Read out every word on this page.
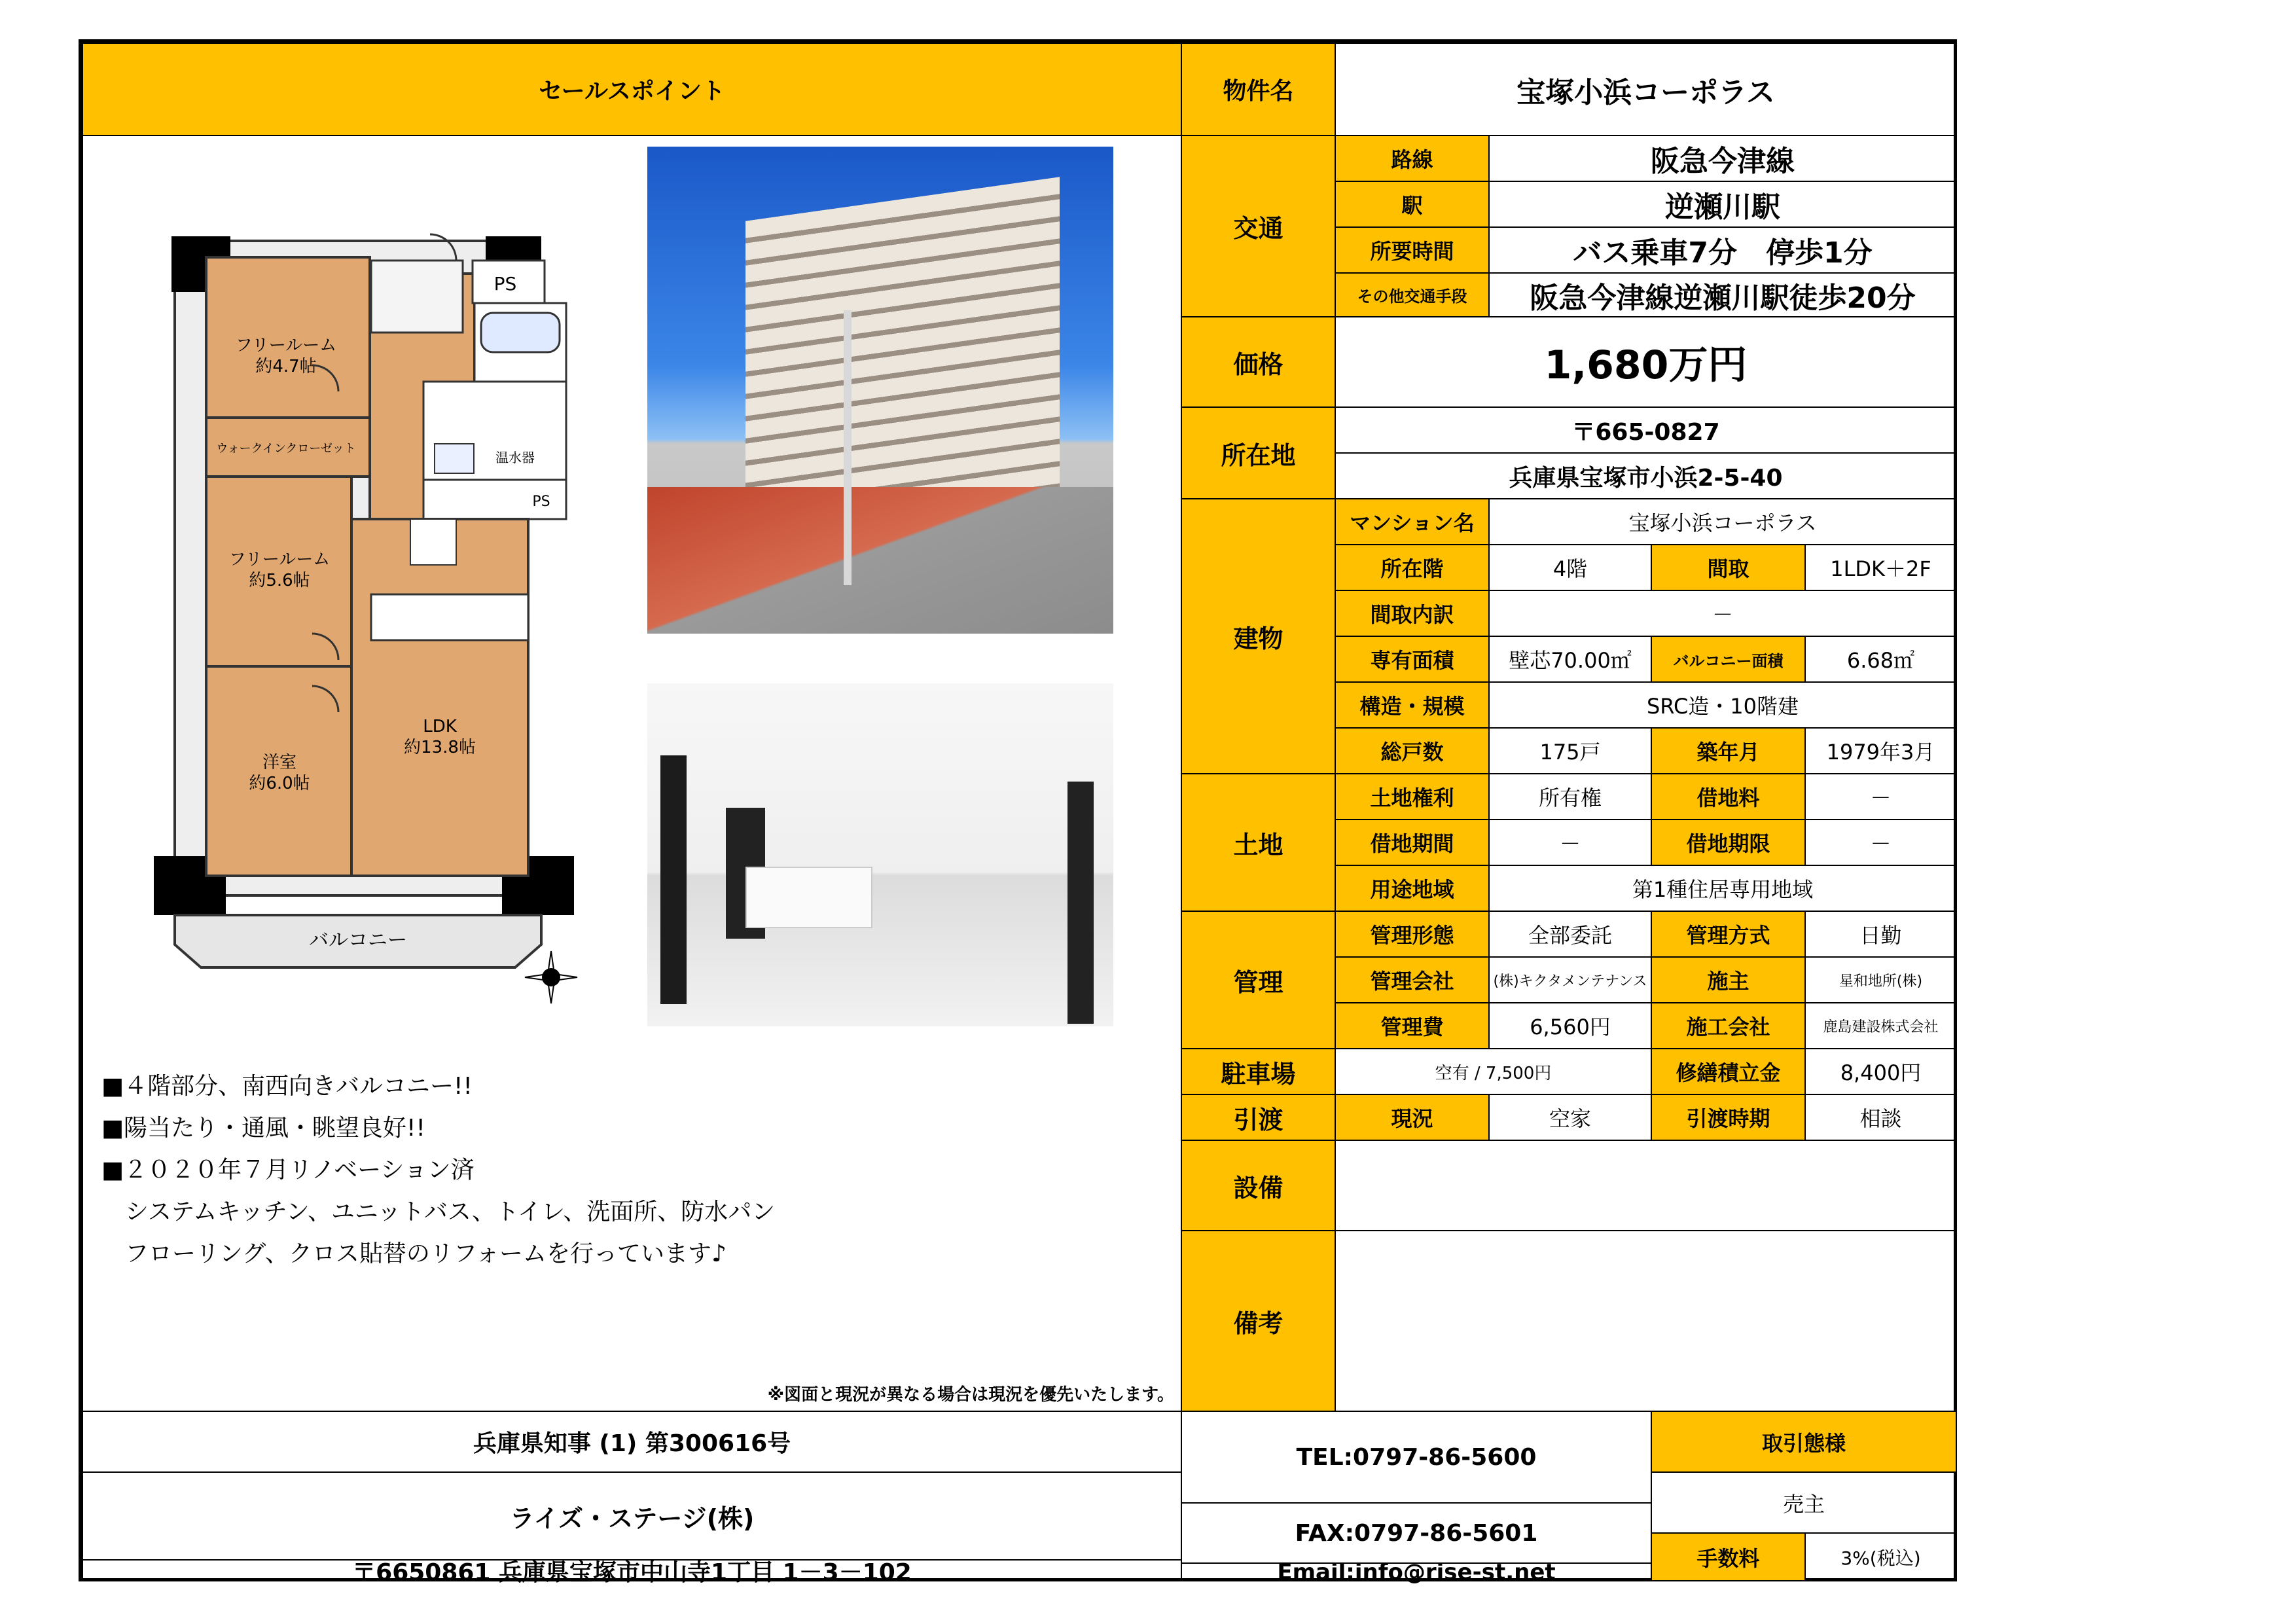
セールスポイント
フリールーム
約4.7帖
PS
温水器
PS
ウォークインクローゼット
フリールーム
約5.6帖
LDK
約13.8帖
洋室
約6.0帖
バルコニー
■４階部分、南西向きバルコニー!!
■陽当たり・通風・眺望良好!!
■２０２０年７月リノベーション済
　システムキッチン、ユニットバス、トイレ、洗面所、防水パン
　フローリング、クロス貼替のリフォームを行っています♪
※図面と現況が異なる場合は現況を優先いたします。
兵庫県知事 (1) 第300616号
ライズ・ステージ(株)
〒6650861 兵庫県宝塚市中山寺1丁目 1－3－102
物件名	宝塚小浜コーポラス
交通
路線	阪急今津線
駅	逆瀬川駅
所要時間	バス乗車7分　停歩1分
その他交通手段	阪急今津線逆瀬川駅徒歩20分
価格	1,680万円
所在地
〒665-0827
兵庫県宝塚市小浜2-5-40
建物
マンション名	宝塚小浜コーポラス
所在階	4階	間取	1LDK＋2F
間取内訳	－
専有面積	壁芯70.00㎡	バルコニー面積	6.68㎡
構造・規模	SRC造・10階建
総戸数	175戸	築年月	1979年3月
土地
土地権利	所有権	借地料	－
借地期間	－	借地期限	－
用途地域	第1種住居専用地域
管理
管理形態	全部委託	管理方式	日勤
管理会社	(株)キクタメンテナンス	施主	星和地所(株)
管理費	6,560円	施工会社	鹿島建設株式会社
駐車場	空有 / 7,500円	修繕積立金	8,400円
引渡	現況	空家	引渡時期	相談
設備
備考
TEL:0797-86-5600
FAX:0797-86-5601
Email:info@rise-st.net
取引態様
売主
手数料	3%(税込)
